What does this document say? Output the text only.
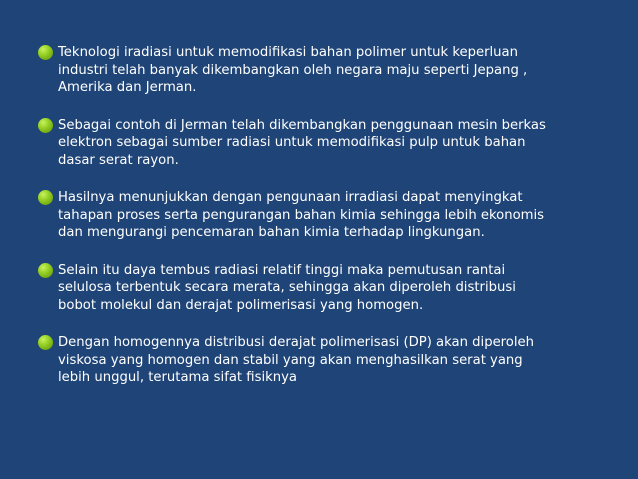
Teknologi iradiasi untuk memodifikasi bahan polimer untuk keperluan
industri telah banyak dikembangkan oleh negara maju seperti Jepang ,
Amerika dan Jerman.
Sebagai contoh di Jerman telah dikembangkan penggunaan mesin berkas
elektron sebagai sumber radiasi untuk memodifikasi pulp untuk bahan
dasar serat rayon.
Hasilnya menunjukkan dengan pengunaan irradiasi dapat menyingkat
tahapan proses serta pengurangan bahan kimia sehingga lebih ekonomis
dan mengurangi pencemaran bahan kimia terhadap lingkungan.
Selain itu daya tembus radiasi relatif tinggi maka pemutusan rantai
selulosa terbentuk secara merata, sehingga akan diperoleh distribusi
bobot molekul dan derajat polimerisasi yang homogen.
Dengan homogennya distribusi derajat polimerisasi (DP) akan diperoleh
viskosa yang homogen dan stabil yang akan menghasilkan serat yang
lebih unggul, terutama sifat fisiknya
